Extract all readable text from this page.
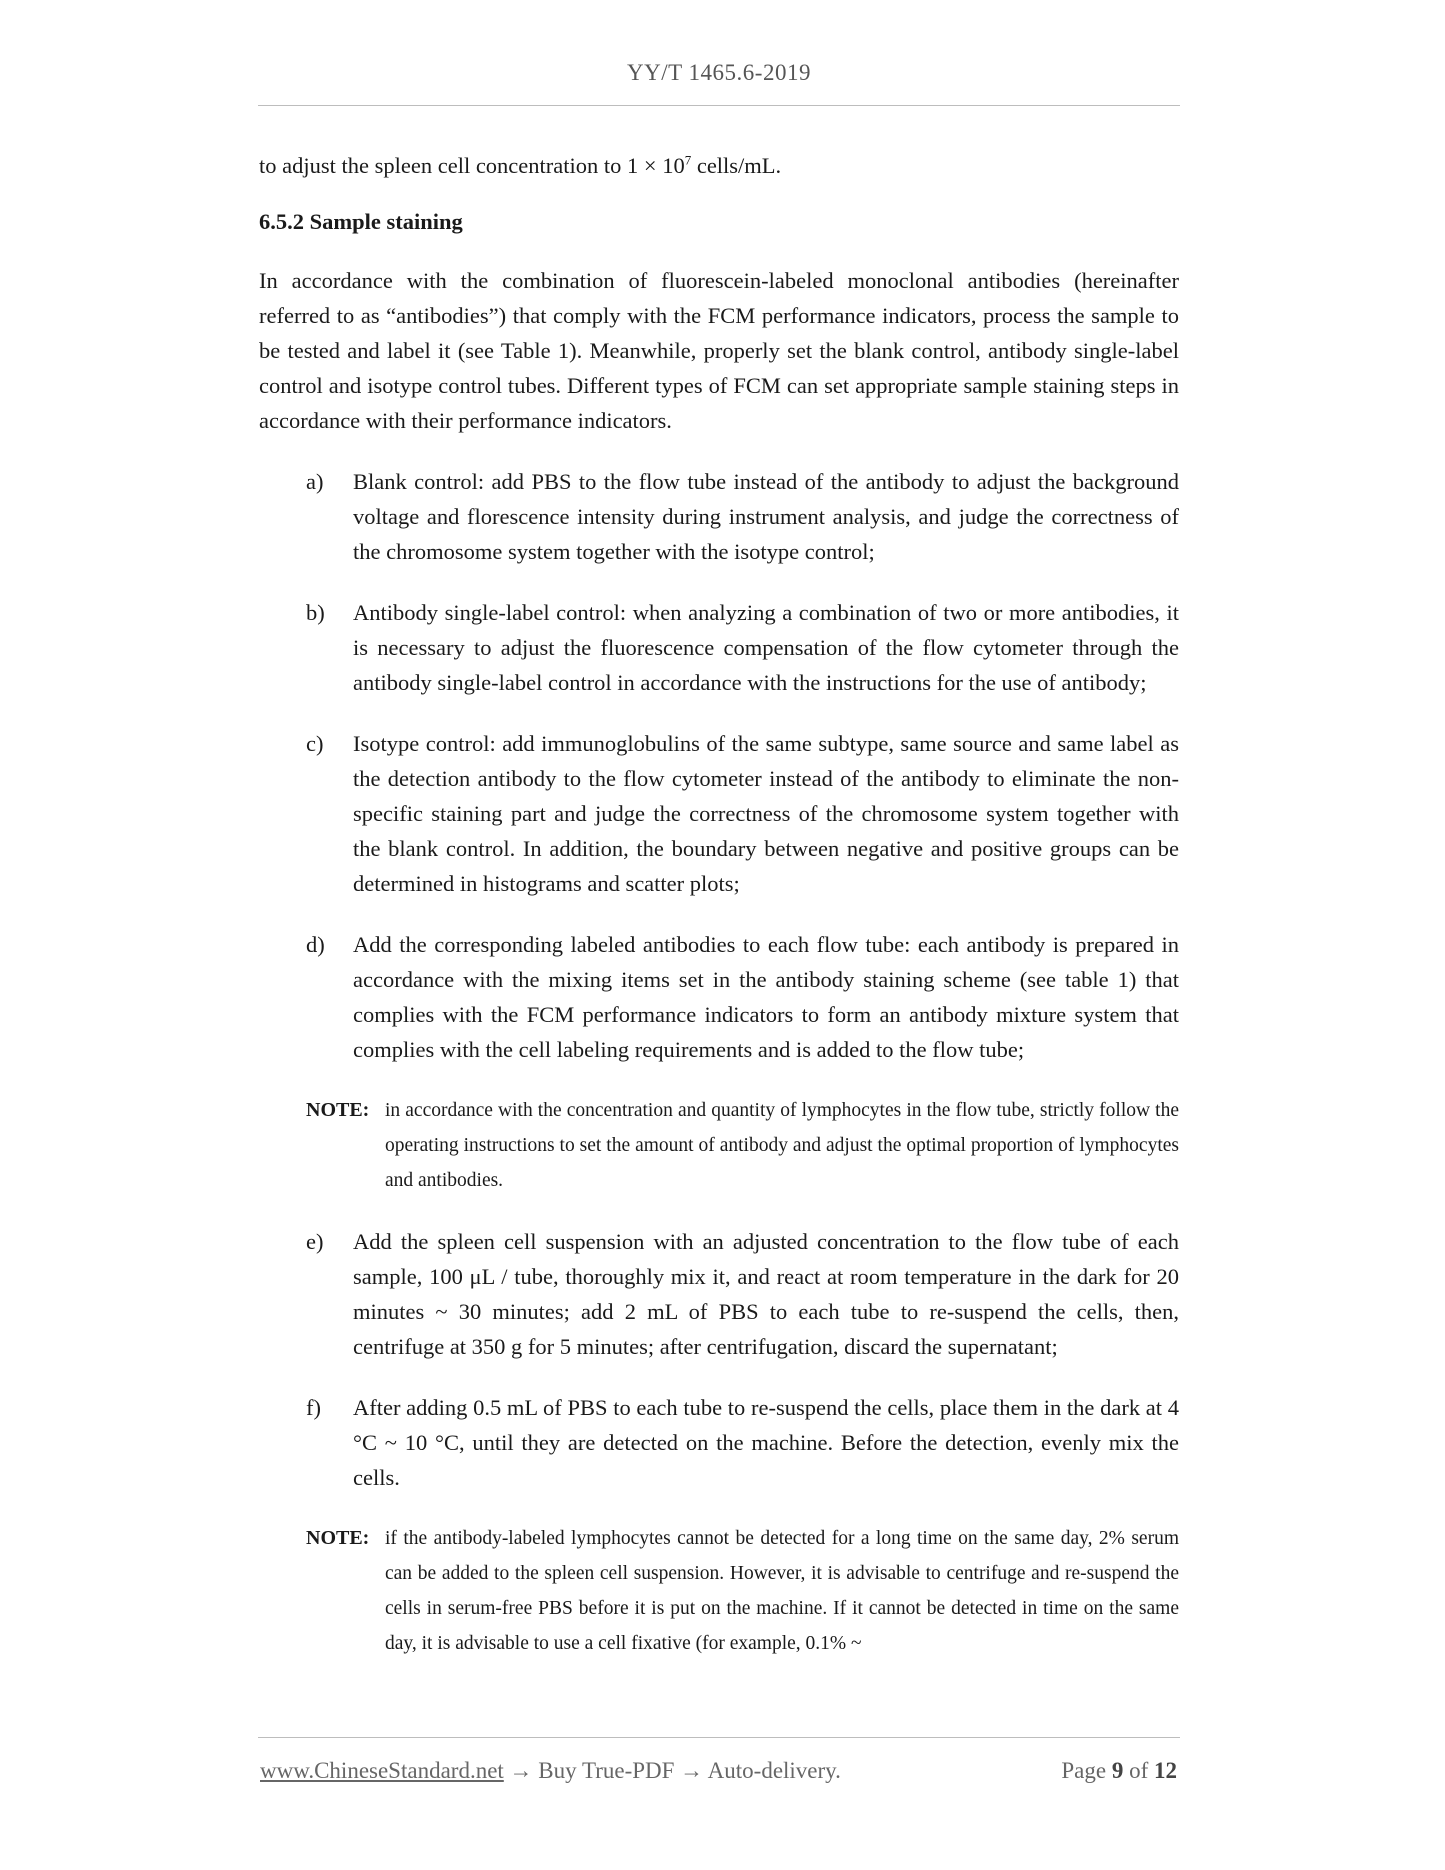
YY/T 1465.6-2019

to adjust the spleen cell concentration to $1 \times 10^7$ cells/mL.

6.5.2 Sample staining

In accordance with the combination of fluorescein-labeled monoclonal antibodies (hereinafter referred to as “antibodies”) that comply with the FCM performance indicators, process the sample to be tested and label it (see Table 1). Meanwhile, properly set the blank control, antibody single-label control and isotype control tubes. Different types of FCM can set appropriate sample staining steps in accordance with their performance indicators.

a) Blank control: add PBS to the flow tube instead of the antibody to adjust the background voltage and florescence intensity during instrument analysis, and judge the correctness of the chromosome system together with the isotype control;
b) Antibody single-label control: when analyzing a combination of two or more antibodies, it is necessary to adjust the fluorescence compensation of the flow cytometer through the antibody single-label control in accordance with the instructions for the use of antibody;
c) Isotype control: add immunoglobulins of the same subtype, same source and same label as the detection antibody to the flow cytometer instead of the antibody to eliminate the non-specific staining part and judge the correctness of the chromosome system together with the blank control. In addition, the boundary between negative and positive groups can be determined in histograms and scatter plots;
d) Add the corresponding labeled antibodies to each flow tube: each antibody is prepared in accordance with the mixing items set in the antibody staining scheme (see table 1) that complies with the FCM performance indicators to form an antibody mixture system that complies with the cell labeling requirements and is added to the flow tube;
NOTE: in accordance with the concentration and quantity of lymphocytes in the flow tube, strictly follow the operating instructions to set the amount of antibody and adjust the optimal proportion of lymphocytes and antibodies.
e) Add the spleen cell suspension with an adjusted concentration to the flow tube of each sample, 100 μL / tube, thoroughly mix it, and react at room temperature in the dark for 20 minutes ~ 30 minutes; add 2 mL of PBS to each tube to re-suspend the cells, then, centrifuge at 350 g for 5 minutes; after centrifugation, discard the supernatant;
f) After adding 0.5 mL of PBS to each tube to re-suspend the cells, place them in the dark at 4 °C ~ 10 °C, until they are detected on the machine. Before the detection, evenly mix the cells.
NOTE: if the antibody-labeled lymphocytes cannot be detected for a long time on the same day, 2% serum can be added to the spleen cell suspension. However, it is advisable to centrifuge and re-suspend the cells in serum-free PBS before it is put on the machine. If it cannot be detected in time on the same day, it is advisable to use a cell fixative (for example, 0.1% ~
www.ChineseStandard.net → Buy True-PDF → Auto-delivery.	Page 9 of 12
